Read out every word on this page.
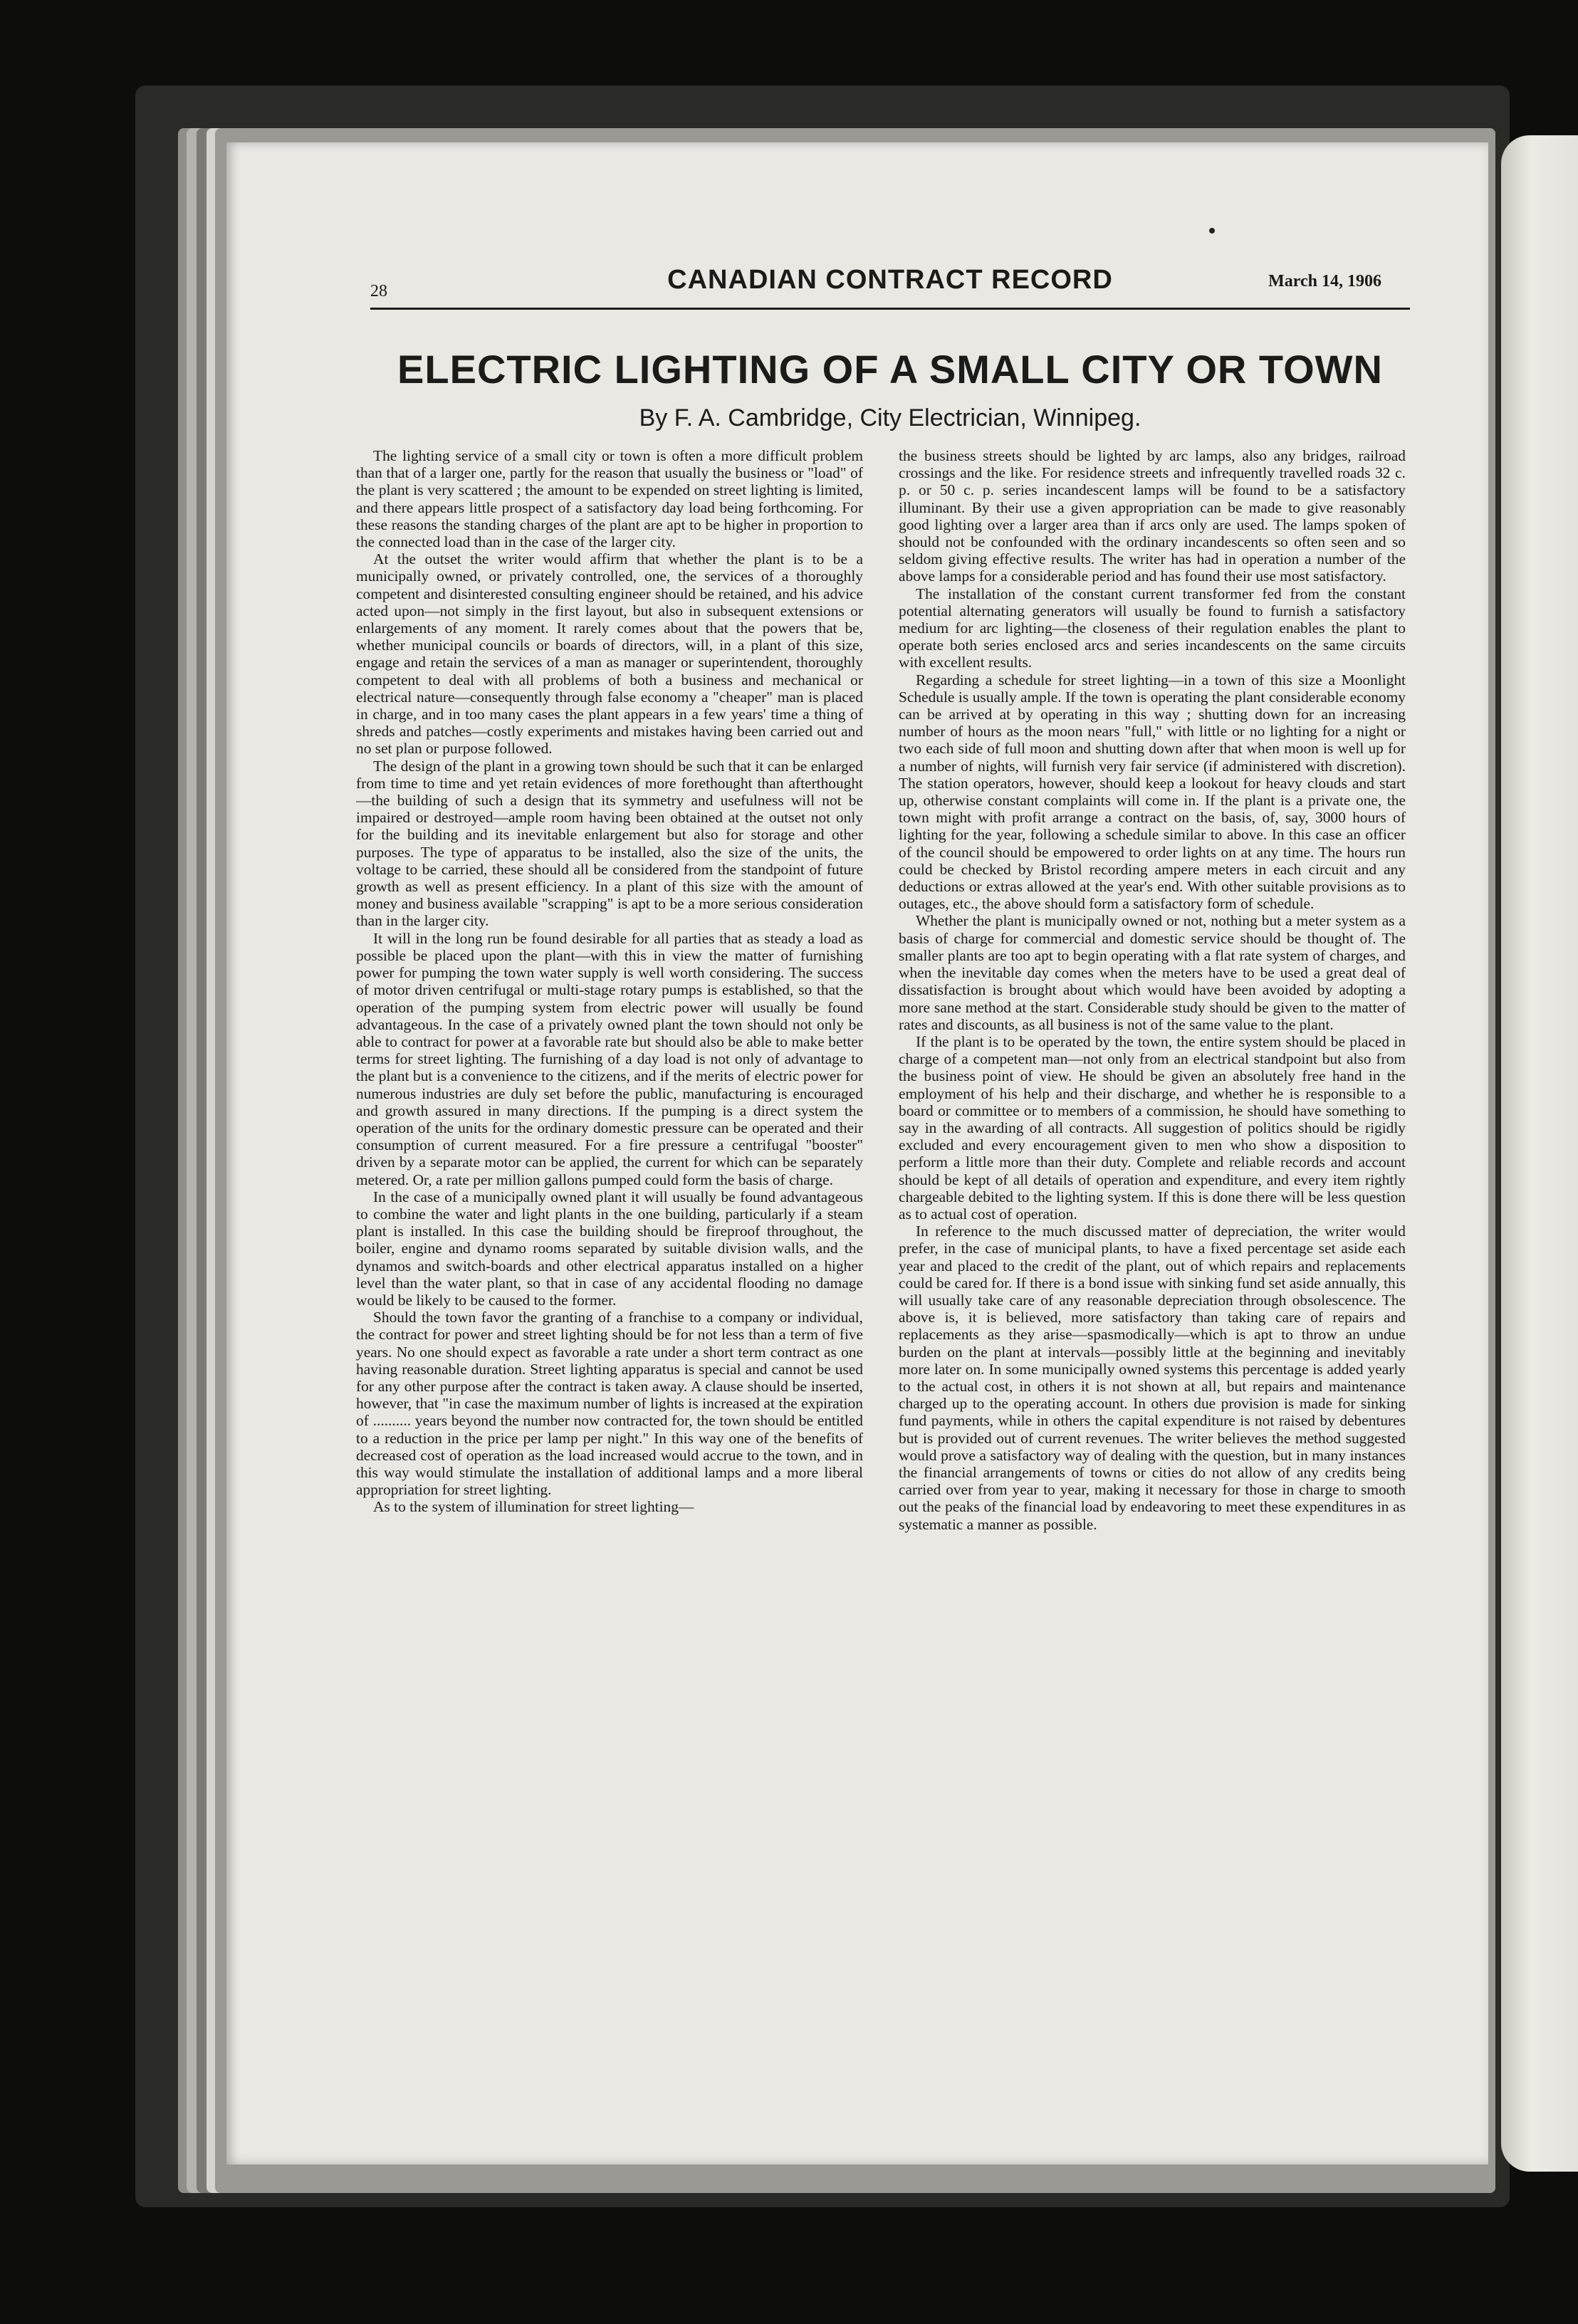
28	CANADIAN CONTRACT RECORD	March 14, 1906
ELECTRIC LIGHTING OF A SMALL CITY OR TOWN
By F. A. Cambridge, City Electrician, Winnipeg.

The lighting service of a small city or town is often a more difficult problem than that of a larger one, partly for the reason that usually the business or "load" of the plant is very scattered ; the amount to be expended on street lighting is limited, and there appears little prospect of a satisfactory day load being forthcoming. For these reasons the standing charges of the plant are apt to be higher in proportion to the connected load than in the case of the larger city.

At the outset the writer would affirm that whether the plant is to be a municipally owned, or privately controlled, one, the services of a thoroughly competent and disinterested consulting engineer should be retained, and his advice acted upon—not simply in the first layout, but also in subsequent extensions or enlargements of any moment. It rarely comes about that the powers that be, whether municipal councils or boards of directors, will, in a plant of this size, engage and retain the services of a man as manager or superintendent, thoroughly competent to deal with all problems of both a business and mechanical or electrical nature—consequently through false economy a "cheaper" man is placed in charge, and in too many cases the plant appears in a few years' time a thing of shreds and patches—costly experiments and mistakes having been carried out and no set plan or purpose followed.

The design of the plant in a growing town should be such that it can be enlarged from time to time and yet retain evidences of more forethought than afterthought—the building of such a design that its symmetry and usefulness will not be impaired or destroyed—ample room having been obtained at the outset not only for the building and its inevitable enlargement but also for storage and other purposes. The type of apparatus to be installed, also the size of the units, the voltage to be carried, these should all be considered from the standpoint of future growth as well as present efficiency. In a plant of this size with the amount of money and business available "scrapping" is apt to be a more serious consideration than in the larger city.

It will in the long run be found desirable for all parties that as steady a load as possible be placed upon the plant—with this in view the matter of furnishing power for pumping the town water supply is well worth considering. The success of motor driven centrifugal or multi-stage rotary pumps is established, so that the operation of the pumping system from electric power will usually be found advantageous. In the case of a privately owned plant the town should not only be able to contract for power at a favorable rate but should also be able to make better terms for street lighting. The furnishing of a day load is not only of advantage to the plant but is a convenience to the citizens, and if the merits of electric power for numerous industries are duly set before the public, manufacturing is encouraged and growth assured in many directions. If the pumping is a direct system the operation of the units for the ordinary domestic pressure can be operated and their consumption of current measured. For a fire pressure a centrifugal "booster" driven by a separate motor can be applied, the current for which can be separately metered. Or, a rate per million gallons pumped could form the basis of charge.

In the case of a municipally owned plant it will usually be found advantageous to combine the water and light plants in the one building, particularly if a steam plant is installed. In this case the building should be fireproof throughout, the boiler, engine and dynamo rooms separated by suitable division walls, and the dynamos and switch-boards and other electrical apparatus installed on a higher level than the water plant, so that in case of any accidental flooding no damage would be likely to be caused to the former.

Should the town favor the granting of a franchise to a company or individual, the contract for power and street lighting should be for not less than a term of five years. No one should expect as favorable a rate under a short term contract as one having reasonable duration. Street lighting apparatus is special and cannot be used for any other purpose after the contract is taken away. A clause should be inserted, however, that "in case the maximum number of lights is increased at the expiration of .......... years beyond the number now contracted for, the town should be entitled to a reduction in the price per lamp per night." In this way one of the benefits of decreased cost of operation as the load increased would accrue to the town, and in this way would stimulate the installation of additional lamps and a more liberal appropriation for street lighting.

As to the system of illumination for street lighting—

the business streets should be lighted by arc lamps, also any bridges, railroad crossings and the like. For residence streets and infrequently travelled roads 32 c. p. or 50 c. p. series incandescent lamps will be found to be a satisfactory illuminant. By their use a given appropriation can be made to give reasonably good lighting over a larger area than if arcs only are used. The lamps spoken of should not be confounded with the ordinary incandescents so often seen and so seldom giving effective results. The writer has had in operation a number of the above lamps for a considerable period and has found their use most satisfactory.

The installation of the constant current transformer fed from the constant potential alternating generators will usually be found to furnish a satisfactory medium for arc lighting—the closeness of their regulation enables the plant to operate both series enclosed arcs and series incandescents on the same circuits with excellent results.

Regarding a schedule for street lighting—in a town of this size a Moonlight Schedule is usually ample. If the town is operating the plant considerable economy can be arrived at by operating in this way ; shutting down for an increasing number of hours as the moon nears "full," with little or no lighting for a night or two each side of full moon and shutting down after that when moon is well up for a number of nights, will furnish very fair service (if administered with discretion). The station operators, however, should keep a lookout for heavy clouds and start up, otherwise constant complaints will come in. If the plant is a private one, the town might with profit arrange a contract on the basis, of, say, 3000 hours of lighting for the year, following a schedule similar to above. In this case an officer of the council should be empowered to order lights on at any time. The hours run could be checked by Bristol recording ampere meters in each circuit and any deductions or extras allowed at the year's end. With other suitable provisions as to outages, etc., the above should form a satisfactory form of schedule.

Whether the plant is municipally owned or not, nothing but a meter system as a basis of charge for commercial and domestic service should be thought of. The smaller plants are too apt to begin operating with a flat rate system of charges, and when the inevitable day comes when the meters have to be used a great deal of dissatisfaction is brought about which would have been avoided by adopting a more sane method at the start. Considerable study should be given to the matter of rates and discounts, as all business is not of the same value to the plant.

If the plant is to be operated by the town, the entire system should be placed in charge of a competent man—not only from an electrical standpoint but also from the business point of view. He should be given an absolutely free hand in the employment of his help and their discharge, and whether he is responsible to a board or committee or to members of a commission, he should have something to say in the awarding of all contracts. All suggestion of politics should be rigidly excluded and every encouragement given to men who show a disposition to perform a little more than their duty. Complete and reliable records and account should be kept of all details of operation and expenditure, and every item rightly chargeable debited to the lighting system. If this is done there will be less question as to actual cost of operation.

In reference to the much discussed matter of depreciation, the writer would prefer, in the case of municipal plants, to have a fixed percentage set aside each year and placed to the credit of the plant, out of which repairs and replacements could be cared for. If there is a bond issue with sinking fund set aside annually, this will usually take care of any reasonable depreciation through obsolescence. The above is, it is believed, more satisfactory than taking care of repairs and replacements as they arise—spasmodically—which is apt to throw an undue burden on the plant at intervals—possibly little at the beginning and inevitably more later on. In some municipally owned systems this percentage is added yearly to the actual cost, in others it is not shown at all, but repairs and maintenance charged up to the operating account. In others due provision is made for sinking fund payments, while in others the capital expenditure is not raised by debentures but is provided out of current revenues. The writer believes the method suggested would prove a satisfactory way of dealing with the question, but in many instances the financial arrangements of towns or cities do not allow of any credits being carried over from year to year, making it necessary for those in charge to smooth out the peaks of the financial load by endeavoring to meet these expenditures in as systematic a manner as possible.
